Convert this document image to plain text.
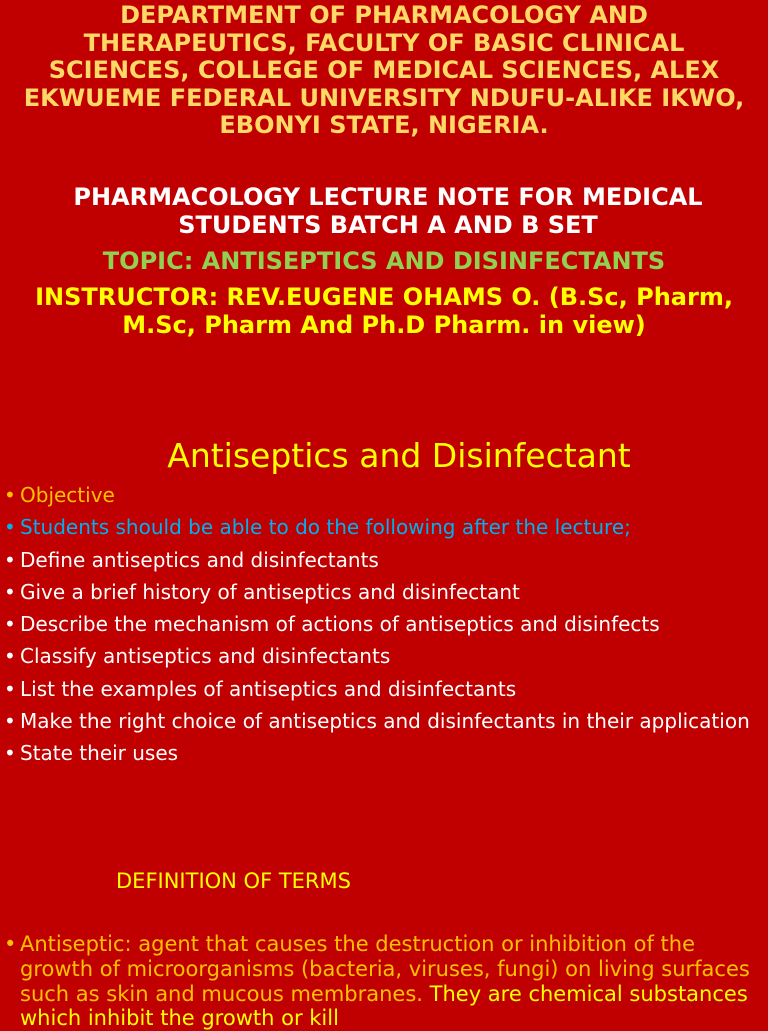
DEPARTMENT OF PHARMACOLOGY AND THERAPEUTICS, FACULTY OF BASIC CLINICAL SCIENCES, COLLEGE OF MEDICAL SCIENCES, ALEX EKWUEME FEDERAL UNIVERSITY NDUFU-ALIKE IKWO, EBONYI STATE, NIGERIA.

PHARMACOLOGY LECTURE NOTE FOR MEDICAL STUDENTS BATCH A AND B SET

TOPIC: ANTISEPTICS AND DISINFECTANTS

INSTRUCTOR: REV.EUGENE OHAMS O. (B.Sc, Pharm, M.Sc, Pharm And Ph.D Pharm. in view)

Antiseptics and Disinfectant
• Objective
• Students should be able to do the following after the lecture;
• Define antiseptics and disinfectants
• Give a brief history of antiseptics and disinfectant
• Describe the mechanism of actions of antiseptics and disinfects
• Classify antiseptics and disinfectants
• List the examples of antiseptics and disinfectants
• Make the right choice of antiseptics and disinfectants in their application
• State their uses

DEFINITION OF TERMS

• Antiseptic: agent that causes the destruction or inhibition of the growth of microorganisms (bacteria, viruses, fungi) on living surfaces such as skin and mucous membranes. They are chemical substances which inhibit the growth or kill
